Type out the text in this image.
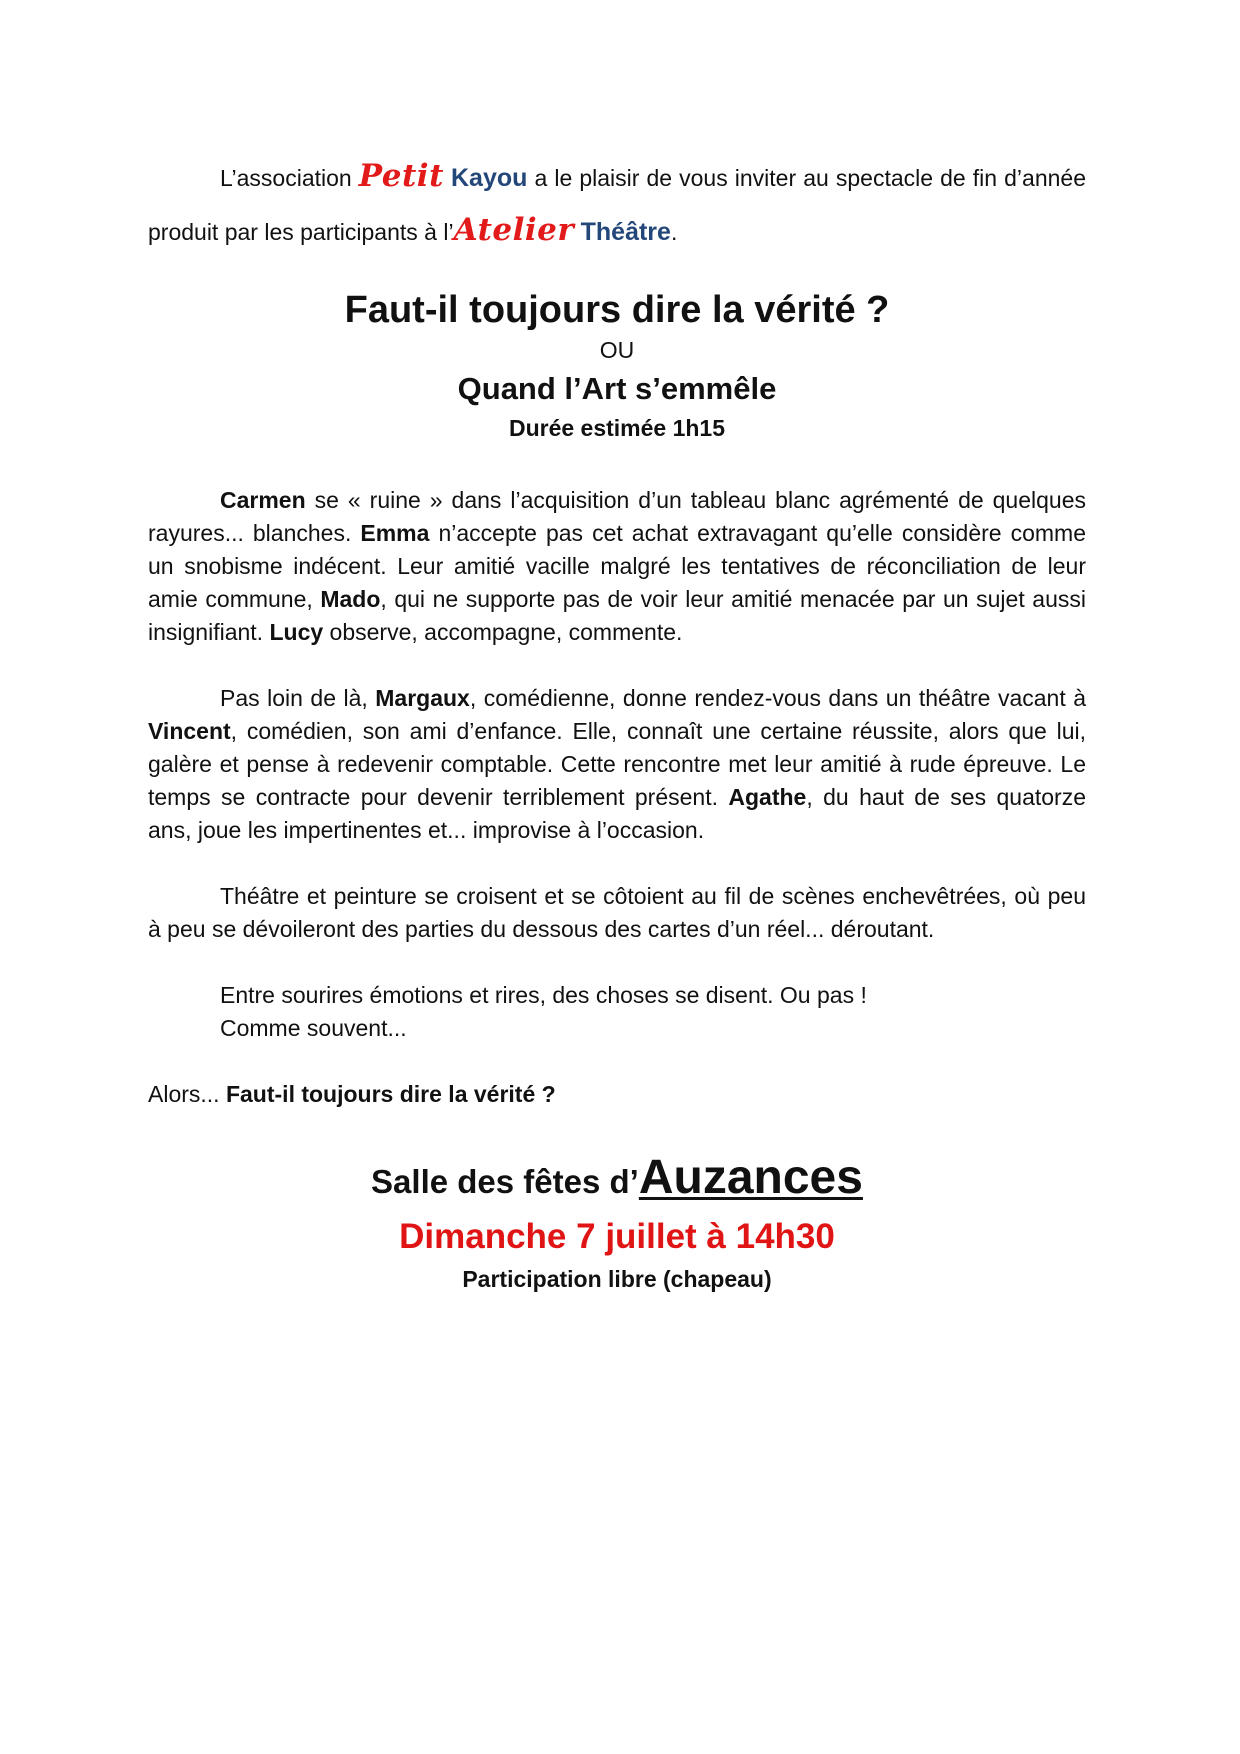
L’association Petit Kayou a le plaisir de vous inviter au spectacle de fin d’année produit par les participants à l’Atelier Théâtre.

Faut-il toujours dire la vérité ?

OU

Quand l’Art s’emmêle

Durée estimée 1h15

Carmen se « ruine » dans l’acquisition d’un tableau blanc agrémenté de quelques rayures... blanches. Emma n’accepte pas cet achat extravagant qu’elle considère comme un snobisme indécent. Leur amitié vacille malgré les tentatives de réconciliation de leur amie commune, Mado, qui ne supporte pas de voir leur amitié menacée par un sujet aussi insignifiant. Lucy observe, accompagne, commente.

Pas loin de là, Margaux, comédienne, donne rendez-vous dans un théâtre vacant à Vincent, comédien, son ami d’enfance. Elle, connaît une certaine réussite, alors que lui, galère et pense à redevenir comptable. Cette rencontre met leur amitié à rude épreuve. Le temps se contracte pour devenir terriblement présent. Agathe, du haut de ses quatorze ans, joue les impertinentes et... improvise à l’occasion.

Théâtre et peinture se croisent et se côtoient au fil de scènes enchevêtrées, où peu à peu se dévoileront des parties du dessous des cartes d’un réel... déroutant.

Entre sourires émotions et rires, des choses se disent. Ou pas !

Comme souvent...

Alors... Faut-il toujours dire la vérité ?

Salle des fêtes d’Auzances

Dimanche 7 juillet à 14h30

Participation libre (chapeau)
